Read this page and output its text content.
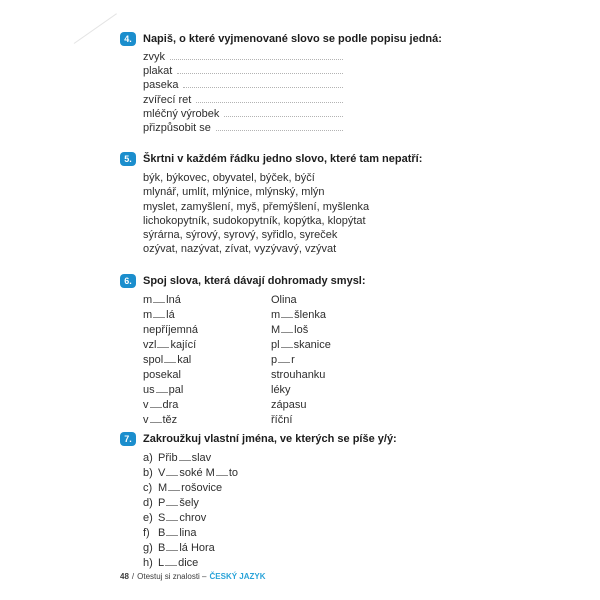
4.	Napiš, o které vyjmenované slovo se podle popisu jedná:
zvyk
plakat
paseka
zvířecí ret
mléčný výrobek
přizpůsobit se
5.	Škrtni v každém řádku jedno slovo, které tam nepatří:
býk, býkovec, obyvatel, býček, býčí
mlynář, umlít, mlýnice, mlýnský, mlýn
myslet, zamyšlení, myš, přemýšlení, myšlenka
lichokopytník, sudokopytník, kopýtka, klopýtat
sýrárna, sýrový, syrový, syřidlo, syreček
ozývat, nazývat, zívat, vyzývavý, vzývat
6.	Spoj slova, která dávají dohromady smysl:
m lná	Olina
m lá	m šlenka
nepříjemná	M loš
vzl kající	pl skanice
spol kal	p r
posekal	strouhanku
us pal	léky
v dra	zápasu
v těz	říční
7.	Zakroužkuj vlastní jména, ve kterých se píše y/ý:
a) Přib slav
b) V soké M to
c) M rošovice
d) P šely
e) S chrov
f) B lina
g) B lá Hora
h) L dice
48 / Otestuj si znalosti – ČESKÝ JAZYK
